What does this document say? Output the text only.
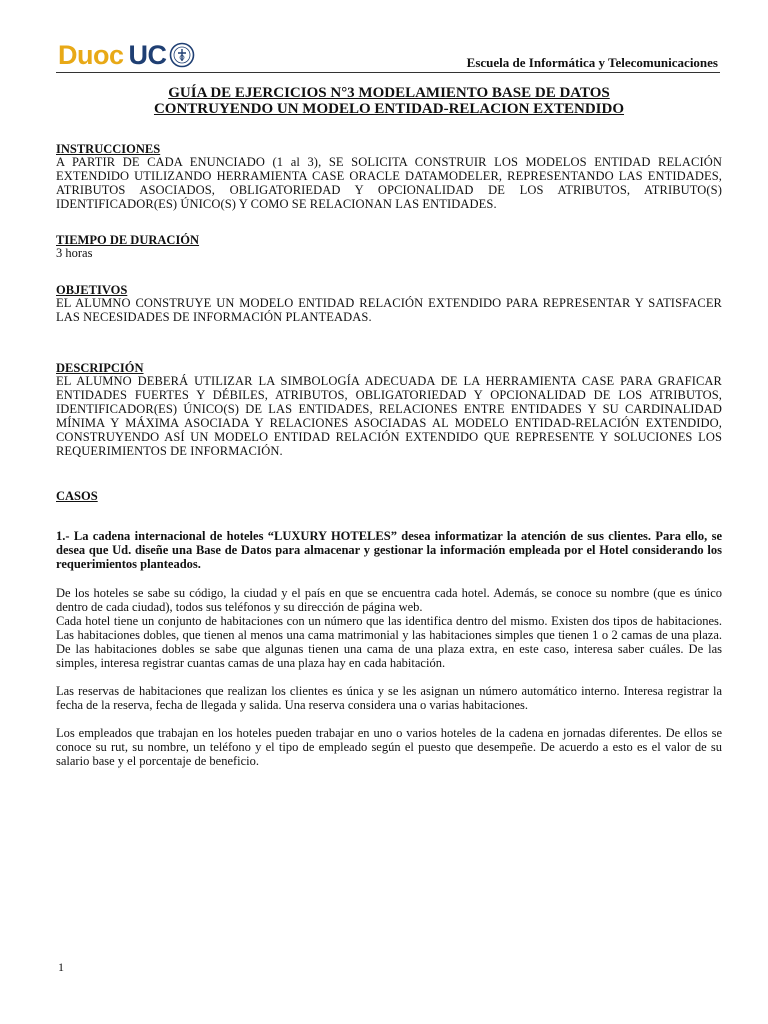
Duoc UC	Escuela de Informática y Telecomunicaciones
GUÍA DE EJERCICIOS N°3 MODELAMIENTO BASE DE DATOS
CONTRUYENDO UN MODELO ENTIDAD-RELACION EXTENDIDO
INSTRUCCIONES
A PARTIR DE CADA ENUNCIADO (1 al 3), SE SOLICITA CONSTRUIR LOS MODELOS ENTIDAD RELACIÓN EXTENDIDO UTILIZANDO HERRAMIENTA CASE ORACLE DATAMODELER, REPRESENTANDO LAS ENTIDADES, ATRIBUTOS ASOCIADOS, OBLIGATORIEDAD Y OPCIONALIDAD DE LOS ATRIBUTOS, ATRIBUTO(S) IDENTIFICADOR(ES) ÚNICO(S) Y COMO SE RELACIONAN LAS ENTIDADES.
TIEMPO DE DURACIÓN
3 horas
OBJETIVOS
EL ALUMNO CONSTRUYE UN MODELO ENTIDAD RELACIÓN EXTENDIDO PARA REPRESENTAR Y SATISFACER LAS NECESIDADES DE INFORMACIÓN PLANTEADAS.
DESCRIPCIÓN
EL ALUMNO DEBERÁ UTILIZAR LA SIMBOLOGÍA ADECUADA DE LA HERRAMIENTA CASE PARA GRAFICAR ENTIDADES FUERTES Y DÉBILES, ATRIBUTOS, OBLIGATORIEDAD Y OPCIONALIDAD DE LOS ATRIBUTOS, IDENTIFICADOR(ES) ÚNICO(S) DE LAS ENTIDADES, RELACIONES ENTRE ENTIDADES Y SU CARDINALIDAD MÍNIMA Y MÁXIMA ASOCIADA Y RELACIONES ASOCIADAS AL MODELO ENTIDAD-RELACIÓN EXTENDIDO, CONSTRUYENDO ASÍ UN MODELO ENTIDAD RELACIÓN EXTENDIDO QUE REPRESENTE Y SOLUCIONES LOS REQUERIMIENTOS DE INFORMACIÓN.
CASOS
1.- La cadena internacional de hoteles “LUXURY HOTELES” desea informatizar la atención de sus clientes. Para ello, se desea que Ud. diseñe una Base de Datos para almacenar y gestionar la información empleada por el Hotel considerando los requerimientos planteados.
De los hoteles se sabe su código, la ciudad y el país en que se encuentra cada hotel. Además, se conoce su nombre (que es único dentro de cada ciudad), todos sus teléfonos y su dirección de página web.
Cada hotel tiene un conjunto de habitaciones con un número que las identifica dentro del mismo. Existen dos tipos de habitaciones. Las habitaciones dobles, que tienen al menos una cama matrimonial y las habitaciones simples que tienen 1 o 2 camas de una plaza. De las habitaciones dobles se sabe que algunas tienen una cama de una plaza extra, en este caso, interesa saber cuáles. De las simples, interesa registrar cuantas camas de una plaza hay en cada habitación.
Las reservas de habitaciones que realizan los clientes es única y se les asignan un número automático interno. Interesa registrar la fecha de la reserva, fecha de llegada y salida. Una reserva considera una o varias habitaciones.
Los empleados que trabajan en los hoteles pueden trabajar en uno o varios hoteles de la cadena en jornadas diferentes. De ellos se conoce su rut, su nombre, un teléfono y el tipo de empleado según el puesto que desempeñe. De acuerdo a esto es el valor de su salario base y el porcentaje de beneficio.
1
